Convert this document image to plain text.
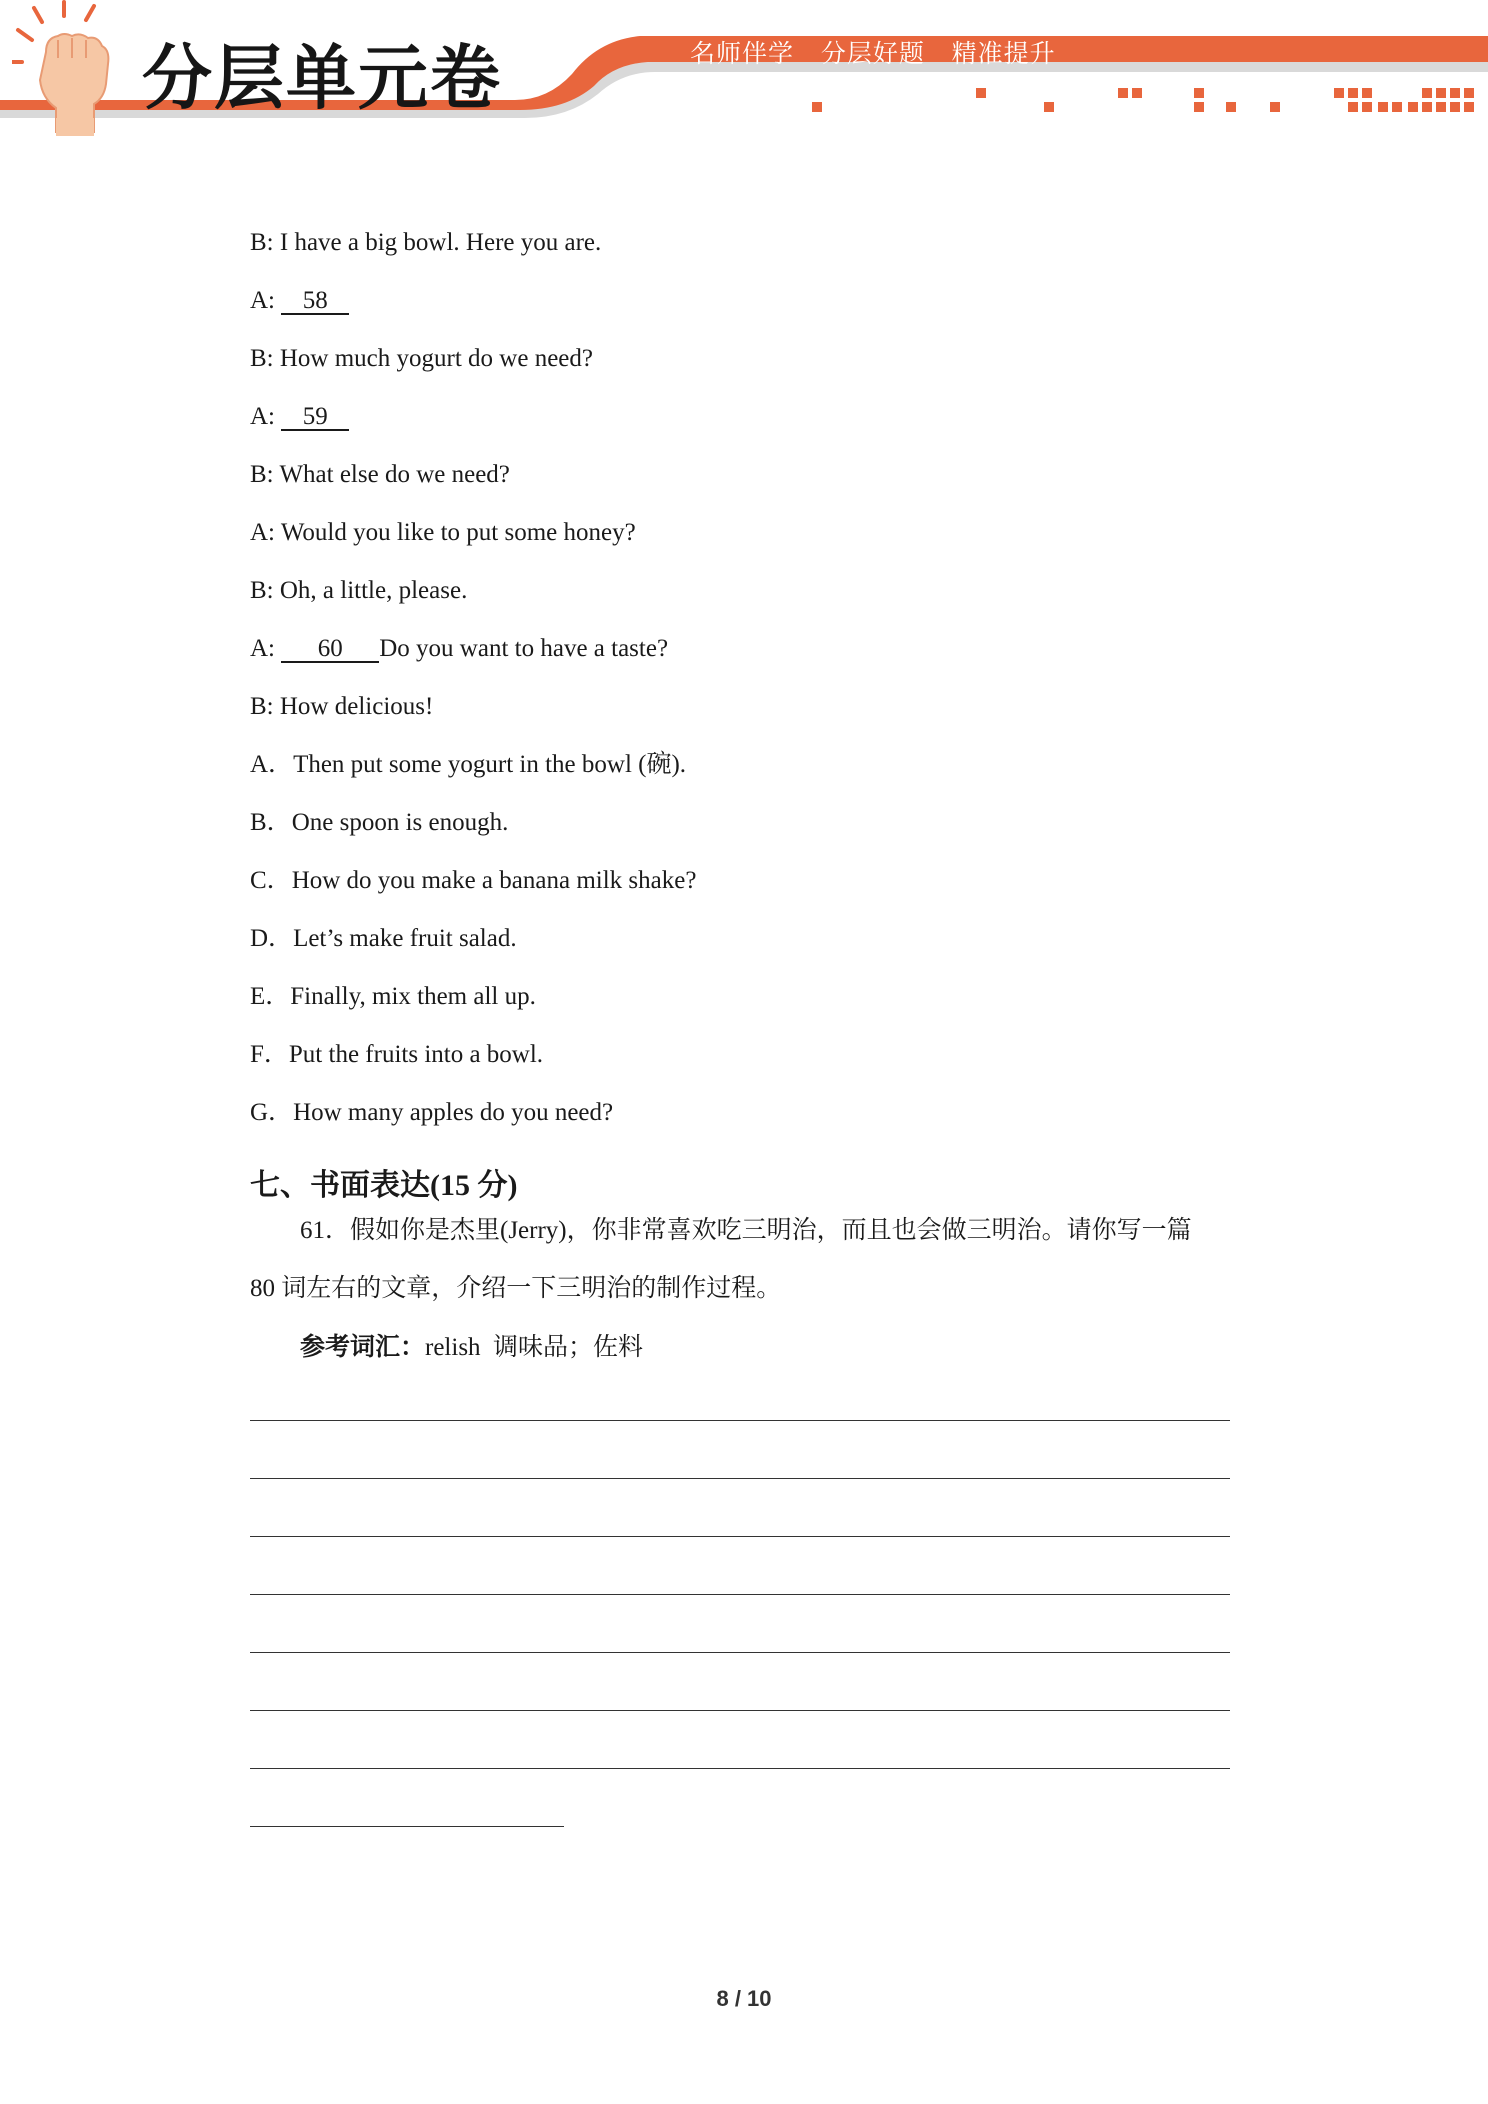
分层单元卷	名师伴学   分层好题   精准提升
B: I have a big bowl. Here you are.
A: 58
B: How much yogurt do we need?
A: 59
B: What else do we need?
A: Would you like to put some honey?
B: Oh, a little, please.
A: 60 Do you want to have a taste?
B: How delicious!
A．Then put some yogurt in the bowl (碗).
B．One spoon is enough.
C．How do you make a banana milk shake?
D．Let’s make fruit salad.
E．Finally, mix them all up.
F．Put the fruits into a bowl.
G．How many apples do you need?
七、书面表达(15 分)
61．假如你是杰里(Jerry)，你非常喜欢吃三明治，而且也会做三明治。请你写一篇
80 词左右的文章，介绍一下三明治的制作过程。
参考词汇：relish  调味品；佐料
8 / 10
